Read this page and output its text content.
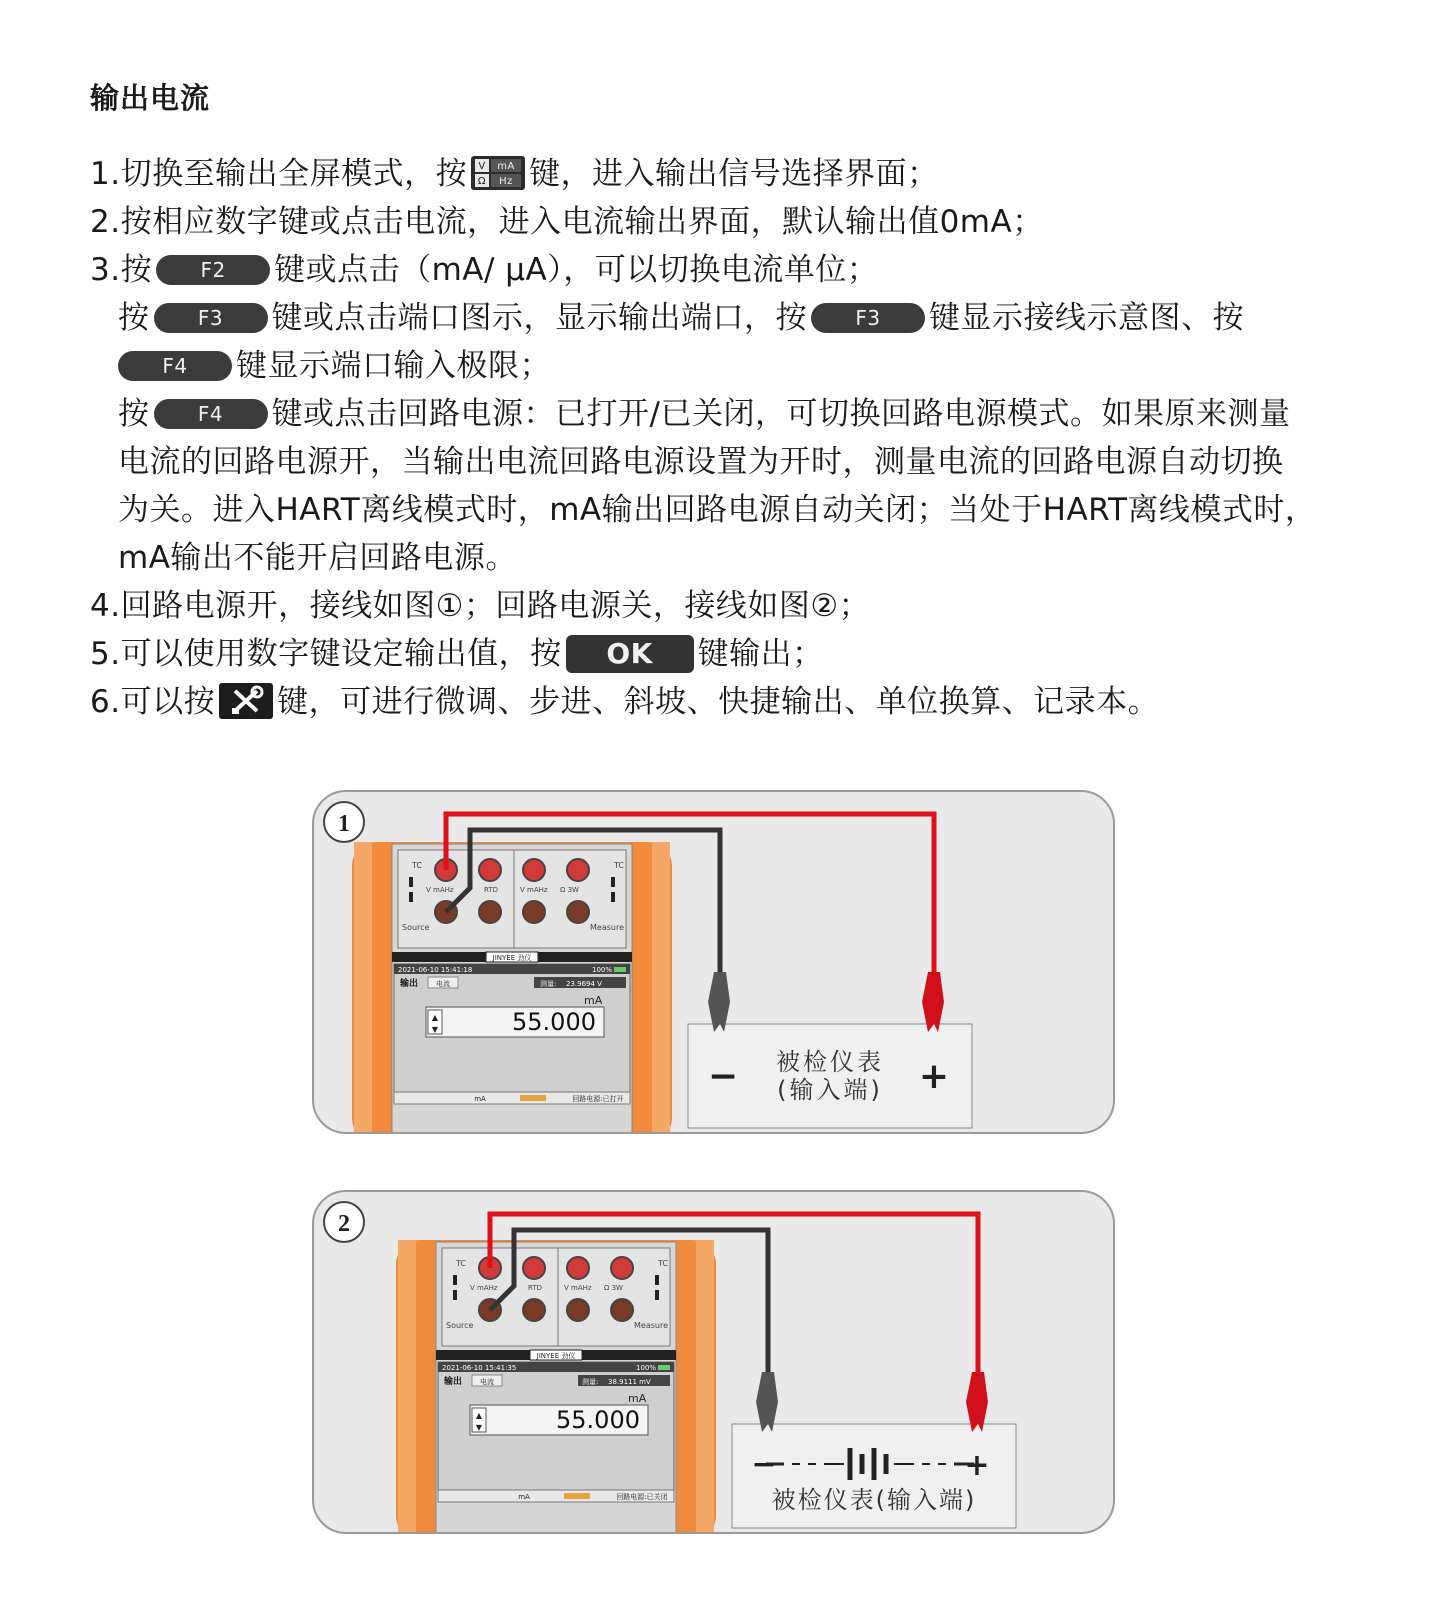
输出电流
1.切换至输出全屏模式，按 V
Ω
mA
Hz 键，进入输出信号选择界面；
2.按相应数字键或点击电流，进入电流输出界面，默认输出值0mA；
3.按 F2 键或点击（mA/ μA），可以切换电流单位；
按 F3 键或点击端口图示，显示输出端口，按 F3 键显示接线示意图、按
F4 键显示端口输入极限；
按 F4 键或点击回路电源：已打开/已关闭，可切换回路电源模式。如果原来测量
电流的回路电源开，当输出电流回路电源设置为开时，测量电流的回路电源自动切换
为关。进入HART离线模式时，mA输出回路电源自动关闭；当处于HART离线模式时，
mA输出不能开启回路电源。
4.回路电源开，接线如图①；回路电源关，接线如图②；
5.可以使用数字键设定输出值，按 OK 键输出；
6.可以按 键，可进行微调、步进、斜坡、快捷输出、单位换算、记录本。
1
TC	TC
Source	Measure
V mAHz	RTD	V mAHz Ω 3W
JINYEE 劲仪
2021-06-10 15:41:18	100%
输出	电流	测量: 23.9694 V
mA
▲
▼	55.000
mA	回路电源:已打开
被检仪表
(输入端)
−	+
2
TC	TC
Source	Measure
V mAHz	RTD	V mAHz Ω 3W
JINYEE 劲仪
2021-06-10 15:41:35	100%
输出	电流	测量: 38.9111 mV
mA
▲
▼	55.000
mA	回路电源:已关闭
−	+
被检仪表(输入端)
